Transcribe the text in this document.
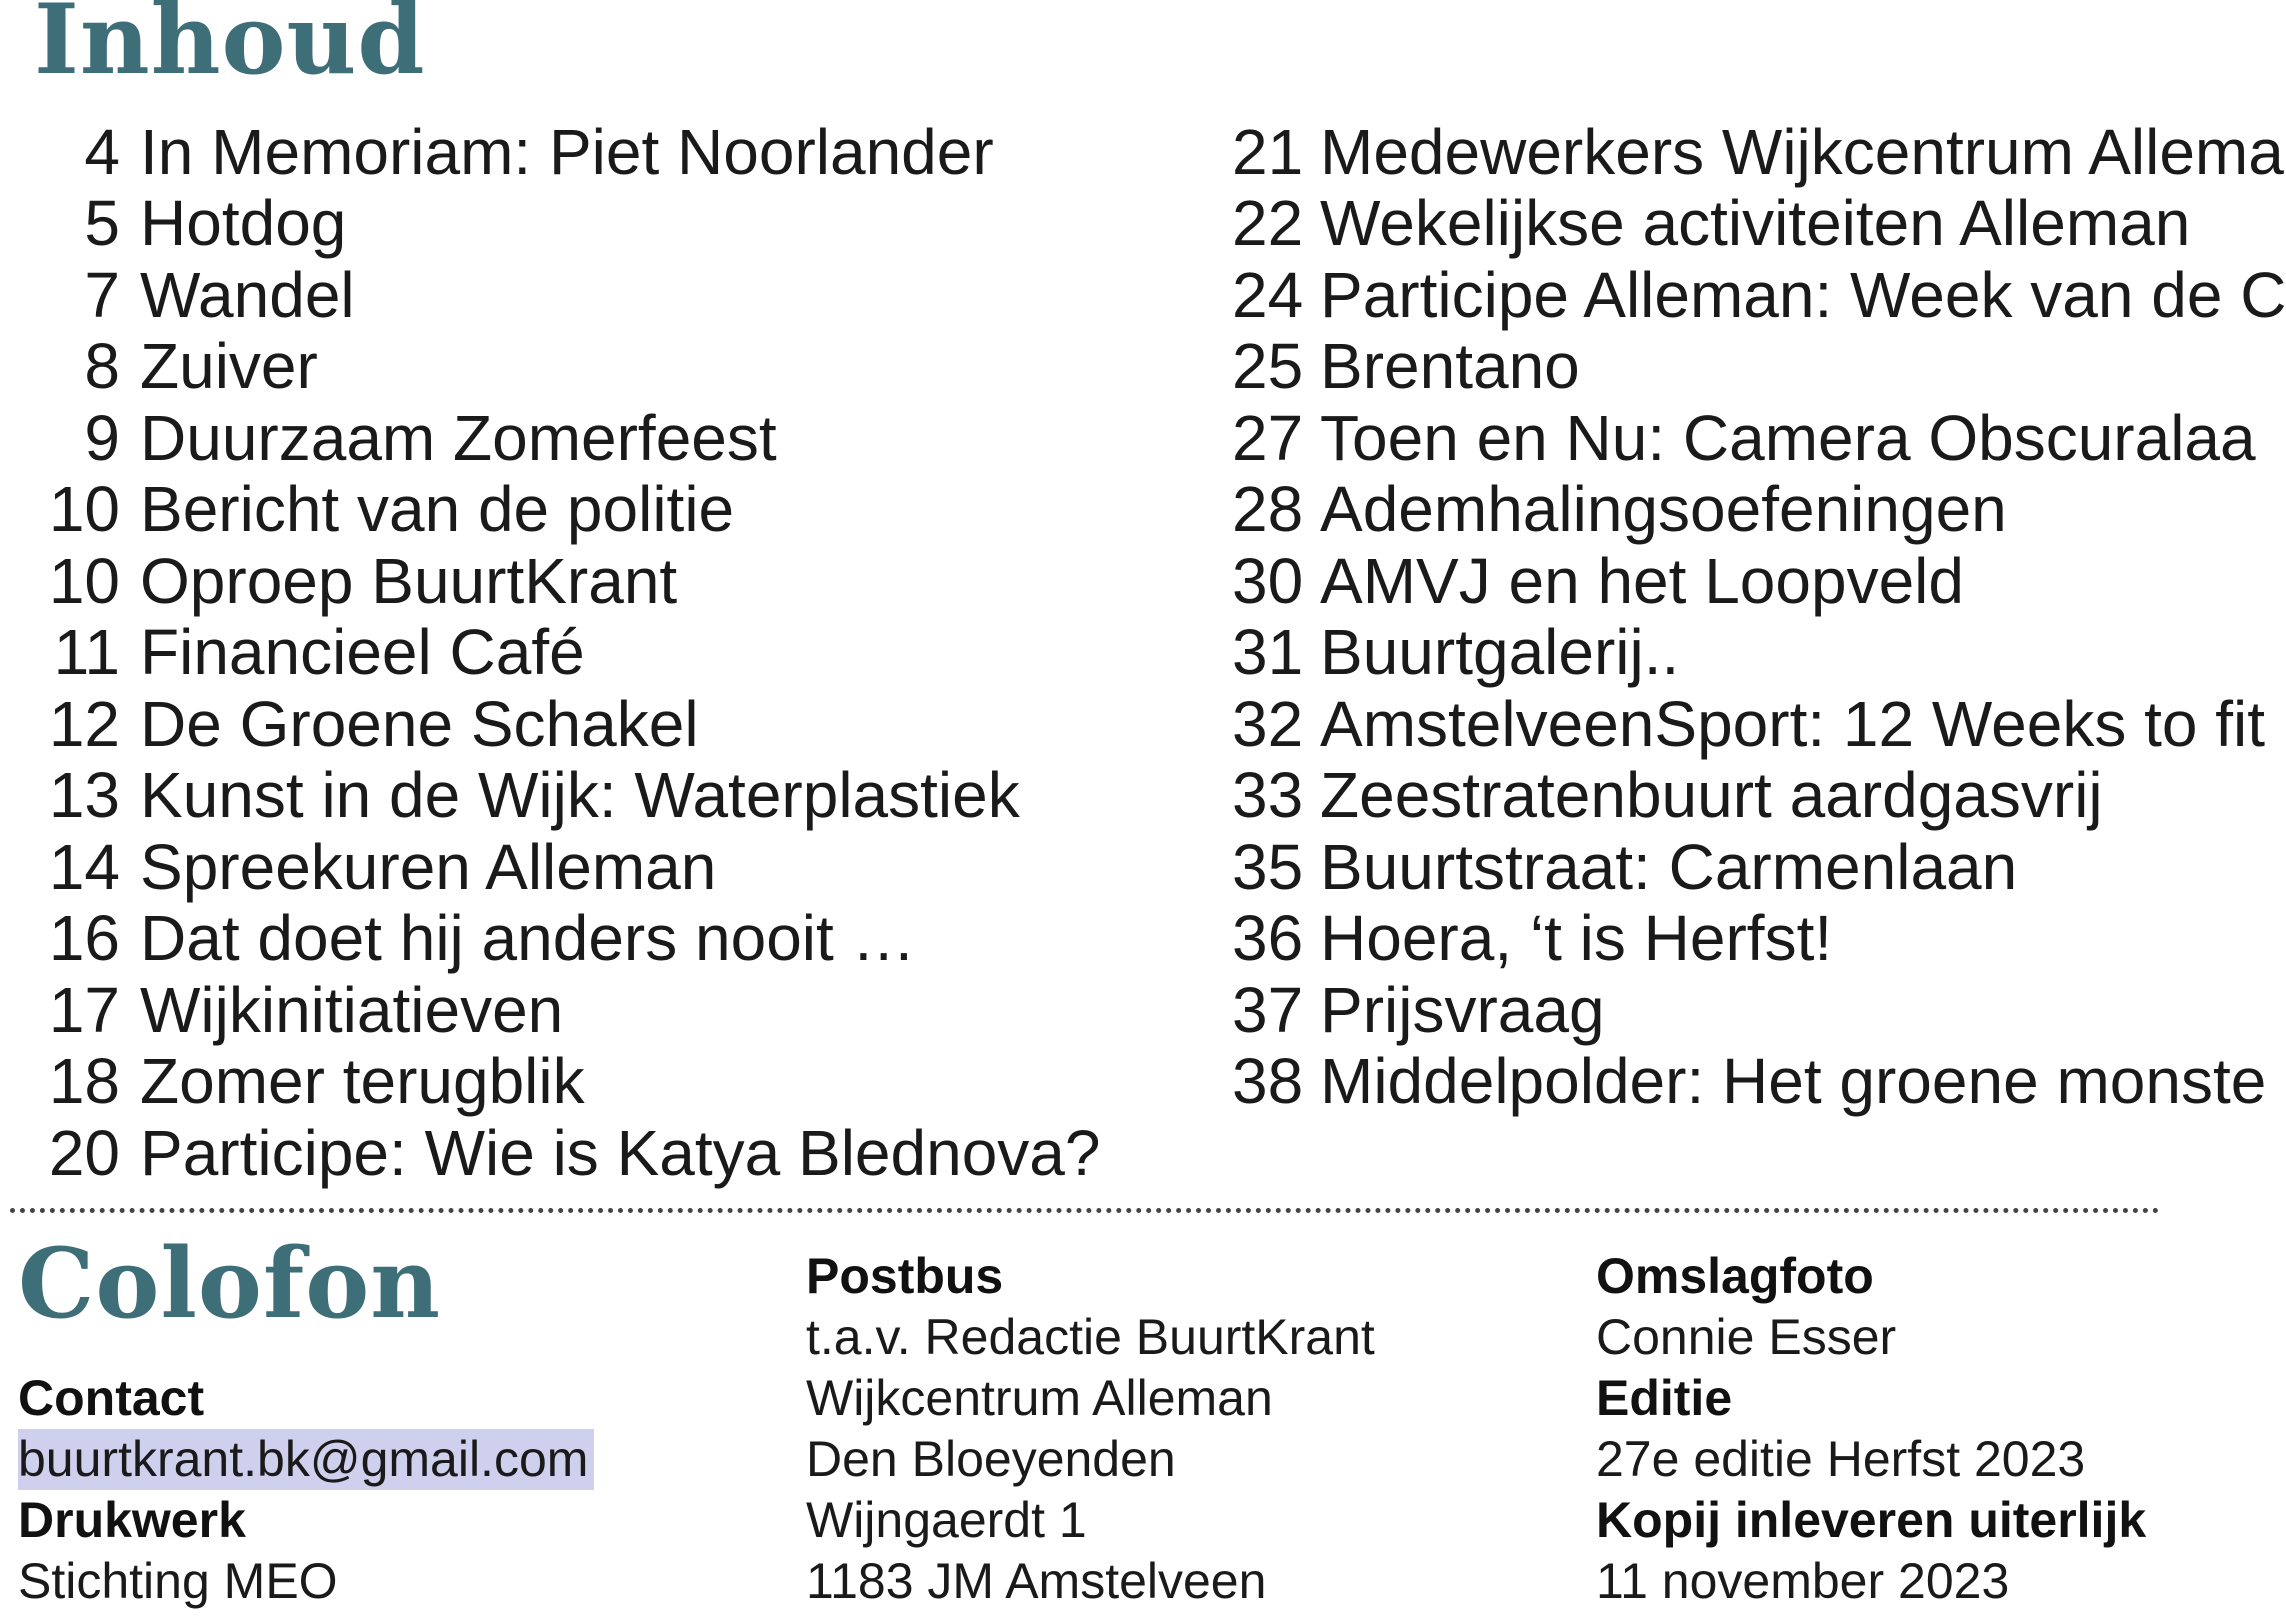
Inhoud
4 In Memoriam: Piet Noorlander
5 Hotdog
7 Wandel
8 Zuiver
9 Duurzaam Zomerfeest
10 Bericht van de politie
10 Oproep BuurtKrant
11 Financieel Café
12 De Groene Schakel
13 Kunst in de Wijk: Waterplastiek
14 Spreekuren Alleman
16 Dat doet hij anders nooit …
17 Wijkinitiatieven
18 Zomer terugblik
20 Participe: Wie is Katya Blednova?
21 Medewerkers Wijkcentrum Allema
22 Wekelijkse activiteiten Alleman
24 Participe Alleman: Week van de C
25 Brentano
27 Toen en Nu: Camera Obscuralaa
28 Ademhalingsoefeningen
30 AMVJ en het Loopveld
31 Buurtgalerij..
32 AmstelveenSport: 12 Weeks to fit
33 Zeestratenbuurt aardgasvrij
35 Buurtstraat: Carmenlaan
36 Hoera, ‘t is Herfst!
37 Prijsvraag
38 Middelpolder: Het groene monste
Colofon
Contact
buurtkrant.bk@gmail.com
Drukwerk
Stichting MEO
Postbus
t.a.v. Redactie BuurtKrant
Wijkcentrum Alleman
Den Bloeyenden
Wijngaerdt 1
1183 JM Amstelveen
Omslagfoto
Connie Esser
Editie
27e editie Herfst 2023
Kopij inleveren uiterlijk
11 november 2023
